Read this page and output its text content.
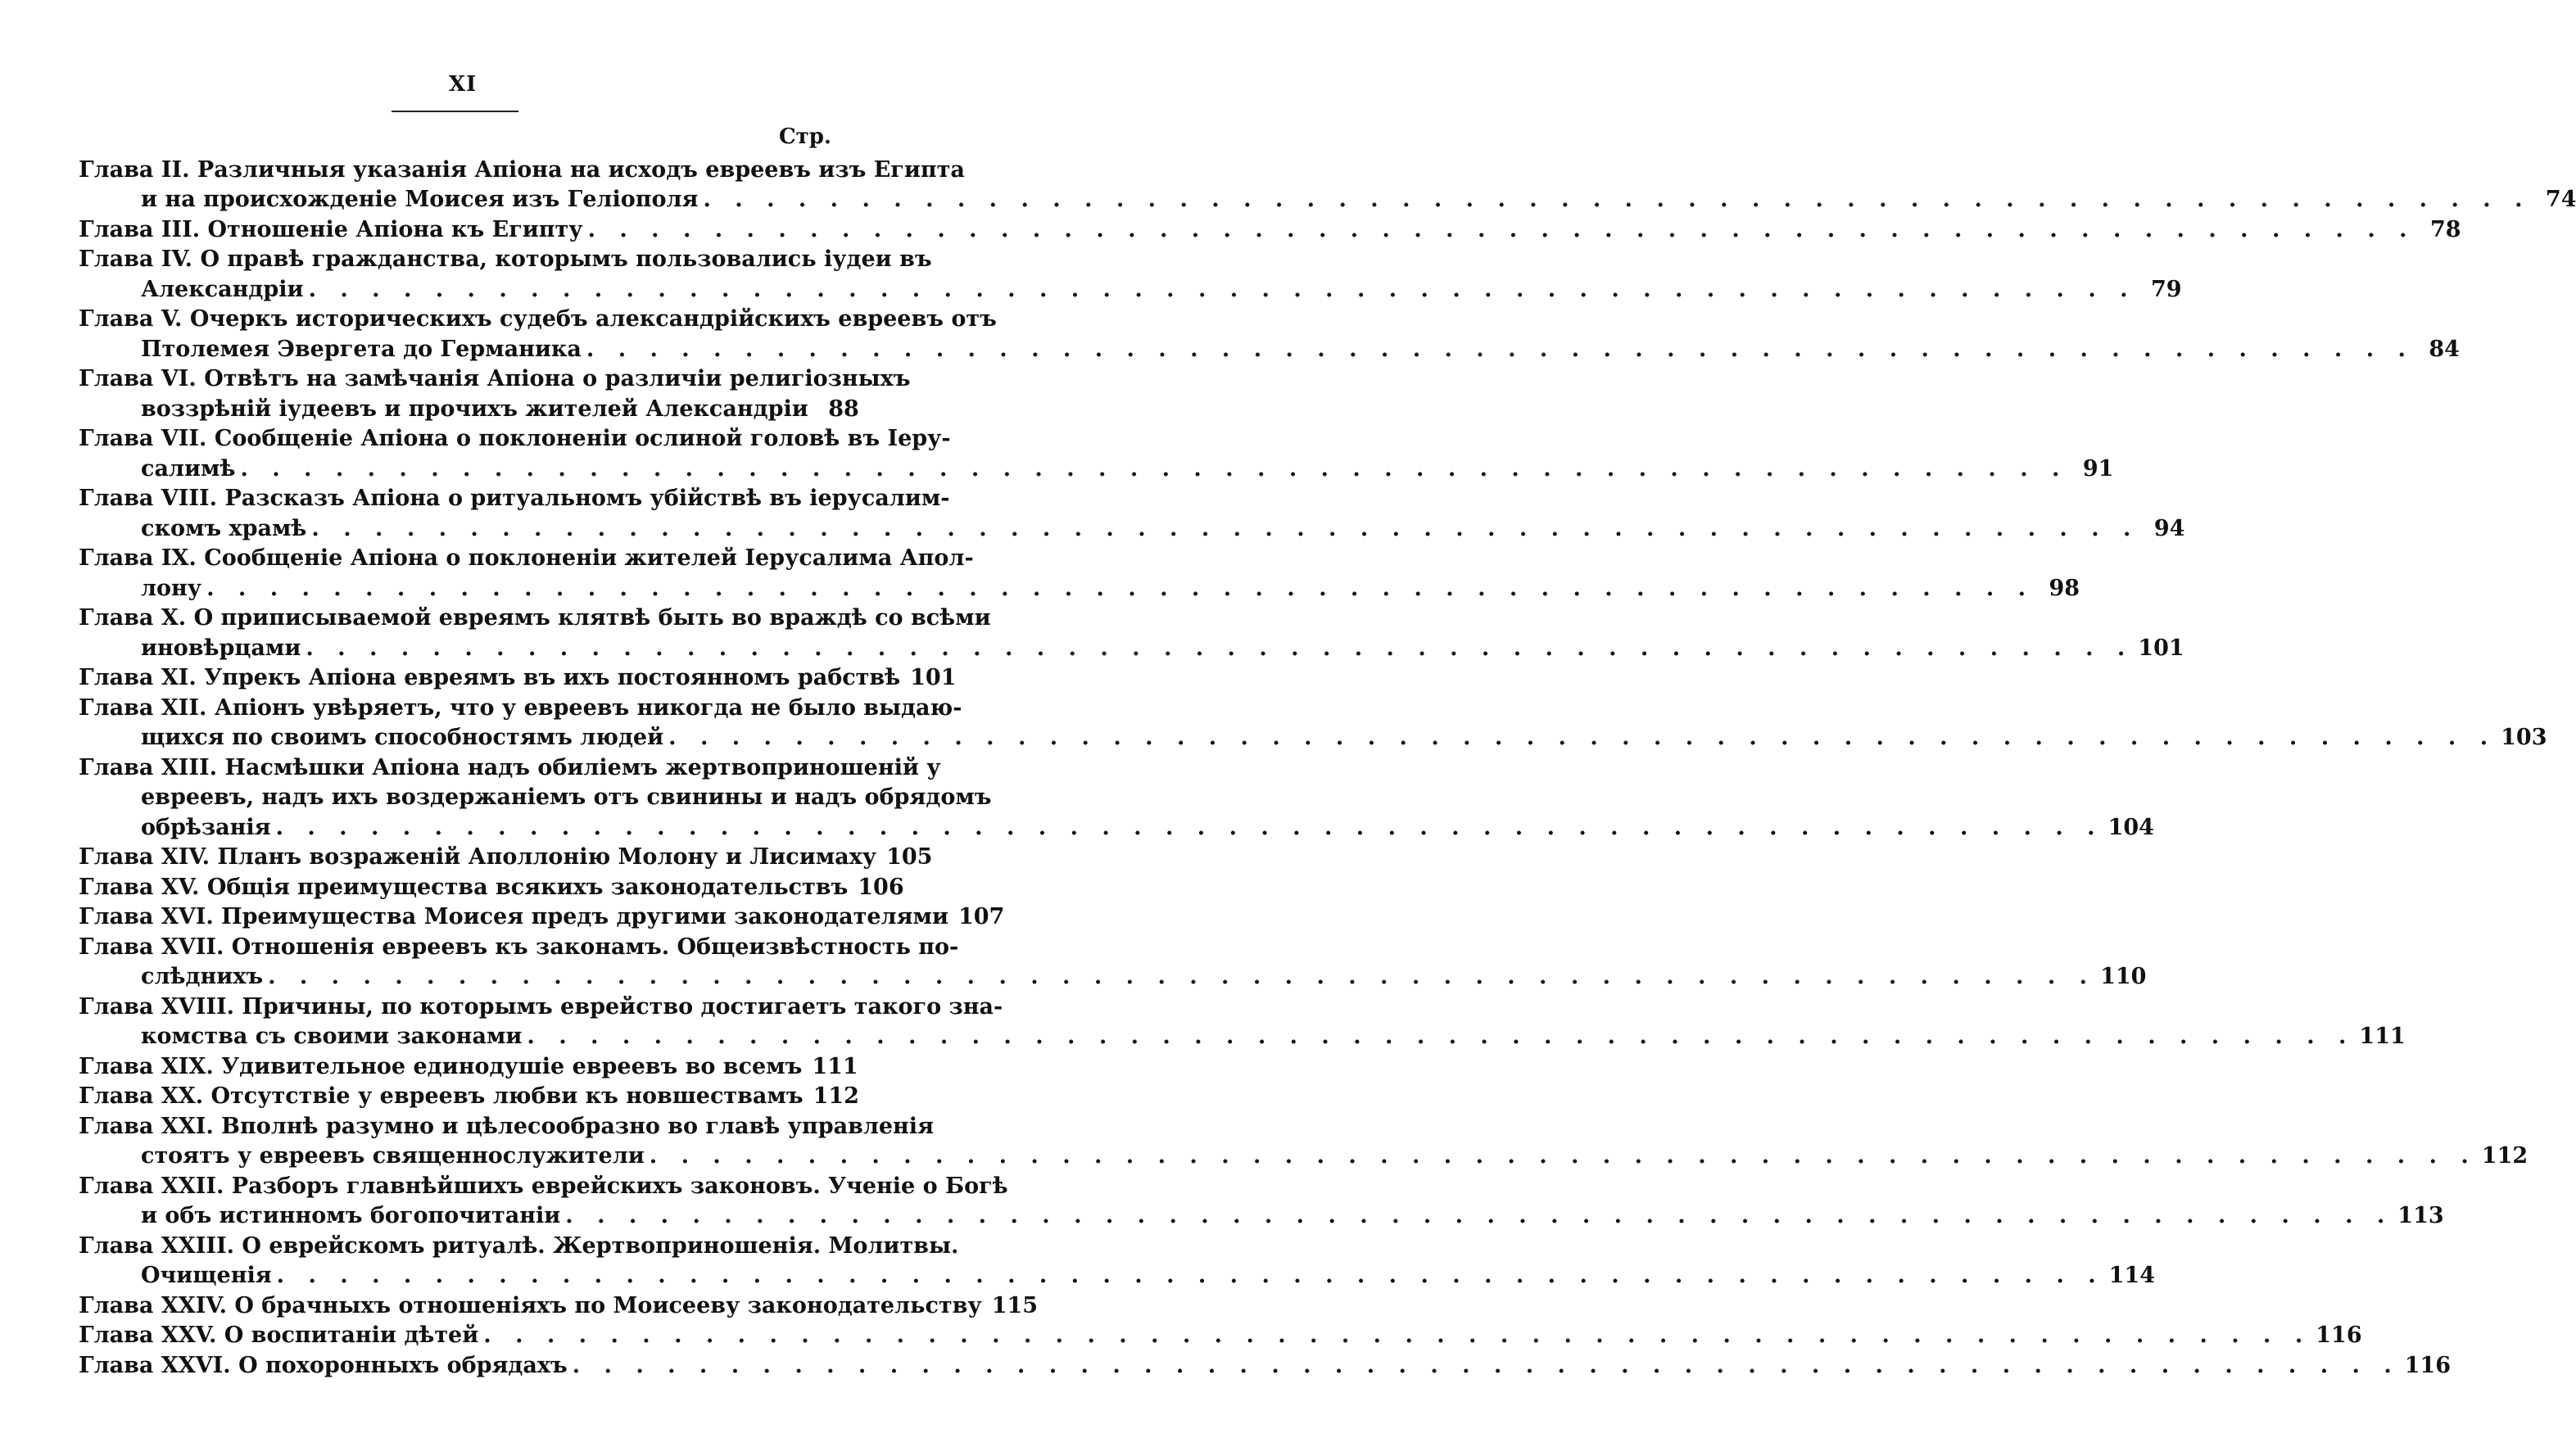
XI
Стр.
Глава II. Различныя указанія Апіона на исходъ евреевъ изъ Египта
и на происхожденіе Моисея изъ Геліополя . . . . . . . . . . . . . . . . . . . . . . . . . . . . . . . . . . . . . . . . . . . . . . . . . . . . . . . . . . 74
Глава III. Отношеніе Апіона къ Египту . . . . . . . . . . . . . . . . . . . . . . . . . . . . . . . . . . . . . . . . . . . . . . . . . . . . . . . . . . 78
Глава IV. О правѣ гражданства, которымъ пользовались іудеи въ
Александріи . . . . . . . . . . . . . . . . . . . . . . . . . . . . . . . . . . . . . . . . . . . . . . . . . . . . . . . . . . 79
Глава V. Очеркъ историческихъ судебъ александрійскихъ евреевъ отъ
Птолемея Эвергета до Германика . . . . . . . . . . . . . . . . . . . . . . . . . . . . . . . . . . . . . . . . . . . . . . . . . . . . . . . . . . 84
Глава VI. Отвѣтъ на замѣчанія Апіона о различіи религіозныхъ
воззрѣній іудеевъ и прочихъ жителей Александріи 88
Глава VII. Сообщеніе Апіона о поклоненіи ослиной головѣ въ Іеру-
салимѣ . . . . . . . . . . . . . . . . . . . . . . . . . . . . . . . . . . . . . . . . . . . . . . . . . . . . . . . . . . 91
Глава VIII. Разсказъ Апіона о ритуальномъ убійствѣ въ іерусалим-
скомъ храмѣ . . . . . . . . . . . . . . . . . . . . . . . . . . . . . . . . . . . . . . . . . . . . . . . . . . . . . . . . . . 94
Глава IX. Сообщеніе Апіона о поклоненіи жителей Іерусалима Апол-
лону . . . . . . . . . . . . . . . . . . . . . . . . . . . . . . . . . . . . . . . . . . . . . . . . . . . . . . . . . . 98
Глава X. О приписываемой евреямъ клятвѣ быть во враждѣ со всѣми
иновѣрцами . . . . . . . . . . . . . . . . . . . . . . . . . . . . . . . . . . . . . . . . . . . . . . . . . . . . . . . . . . 101
Глава XI. Упрекъ Апіона евреямъ въ ихъ постоянномъ рабствѣ 101
Глава XII. Апіонъ увѣряетъ, что у евреевъ никогда не было выдаю-
щихся по своимъ способностямъ людей . . . . . . . . . . . . . . . . . . . . . . . . . . . . . . . . . . . . . . . . . . . . . . . . . . . . . . . . . . 103
Глава XIII. Насмѣшки Апіона надъ обиліемъ жертвоприношеній у
евреевъ, надъ ихъ воздержаніемъ отъ свинины и надъ обрядомъ
обрѣзанія . . . . . . . . . . . . . . . . . . . . . . . . . . . . . . . . . . . . . . . . . . . . . . . . . . . . . . . . . . 104
Глава XIV. Планъ возраженій Аполлонію Молону и Лисимаху 105
Глава XV. Общія преимущества всякихъ законодательствъ 106
Глава XVI. Преимущества Моисея предъ другими законодателями 107
Глава XVII. Отношенія евреевъ къ законамъ. Общеизвѣстность по-
слѣднихъ . . . . . . . . . . . . . . . . . . . . . . . . . . . . . . . . . . . . . . . . . . . . . . . . . . . . . . . . . . 110
Глава XVIII. Причины, по которымъ еврейство достигаетъ такого зна-
комства съ своими законами . . . . . . . . . . . . . . . . . . . . . . . . . . . . . . . . . . . . . . . . . . . . . . . . . . . . . . . . . . 111
Глава XIX. Удивительное единодушіе евреевъ во всемъ 111
Глава XX. Отсутствіе у евреевъ любви къ новшествамъ 112
Глава XXI. Вполнѣ разумно и цѣлесообразно во главѣ управленія
стоятъ у евреевъ священнослужители . . . . . . . . . . . . . . . . . . . . . . . . . . . . . . . . . . . . . . . . . . . . . . . . . . . . . . . . . . 112
Глава XXII. Разборъ главнѣйшихъ еврейскихъ законовъ. Ученіе о Богѣ
и объ истинномъ богопочитаніи . . . . . . . . . . . . . . . . . . . . . . . . . . . . . . . . . . . . . . . . . . . . . . . . . . . . . . . . . . 113
Глава XXIII. О еврейскомъ ритуалѣ. Жертвоприношенія. Молитвы.
Очищенія . . . . . . . . . . . . . . . . . . . . . . . . . . . . . . . . . . . . . . . . . . . . . . . . . . . . . . . . . . 114
Глава XXIV. О брачныхъ отношеніяхъ по Моисееву законодательству 115
Глава XXV. О воспитаніи дѣтей . . . . . . . . . . . . . . . . . . . . . . . . . . . . . . . . . . . . . . . . . . . . . . . . . . . . . . . . . . 116
Глава XXVI. О похоронныхъ обрядахъ . . . . . . . . . . . . . . . . . . . . . . . . . . . . . . . . . . . . . . . . . . . . . . . . . . . . . . . . . . 116
